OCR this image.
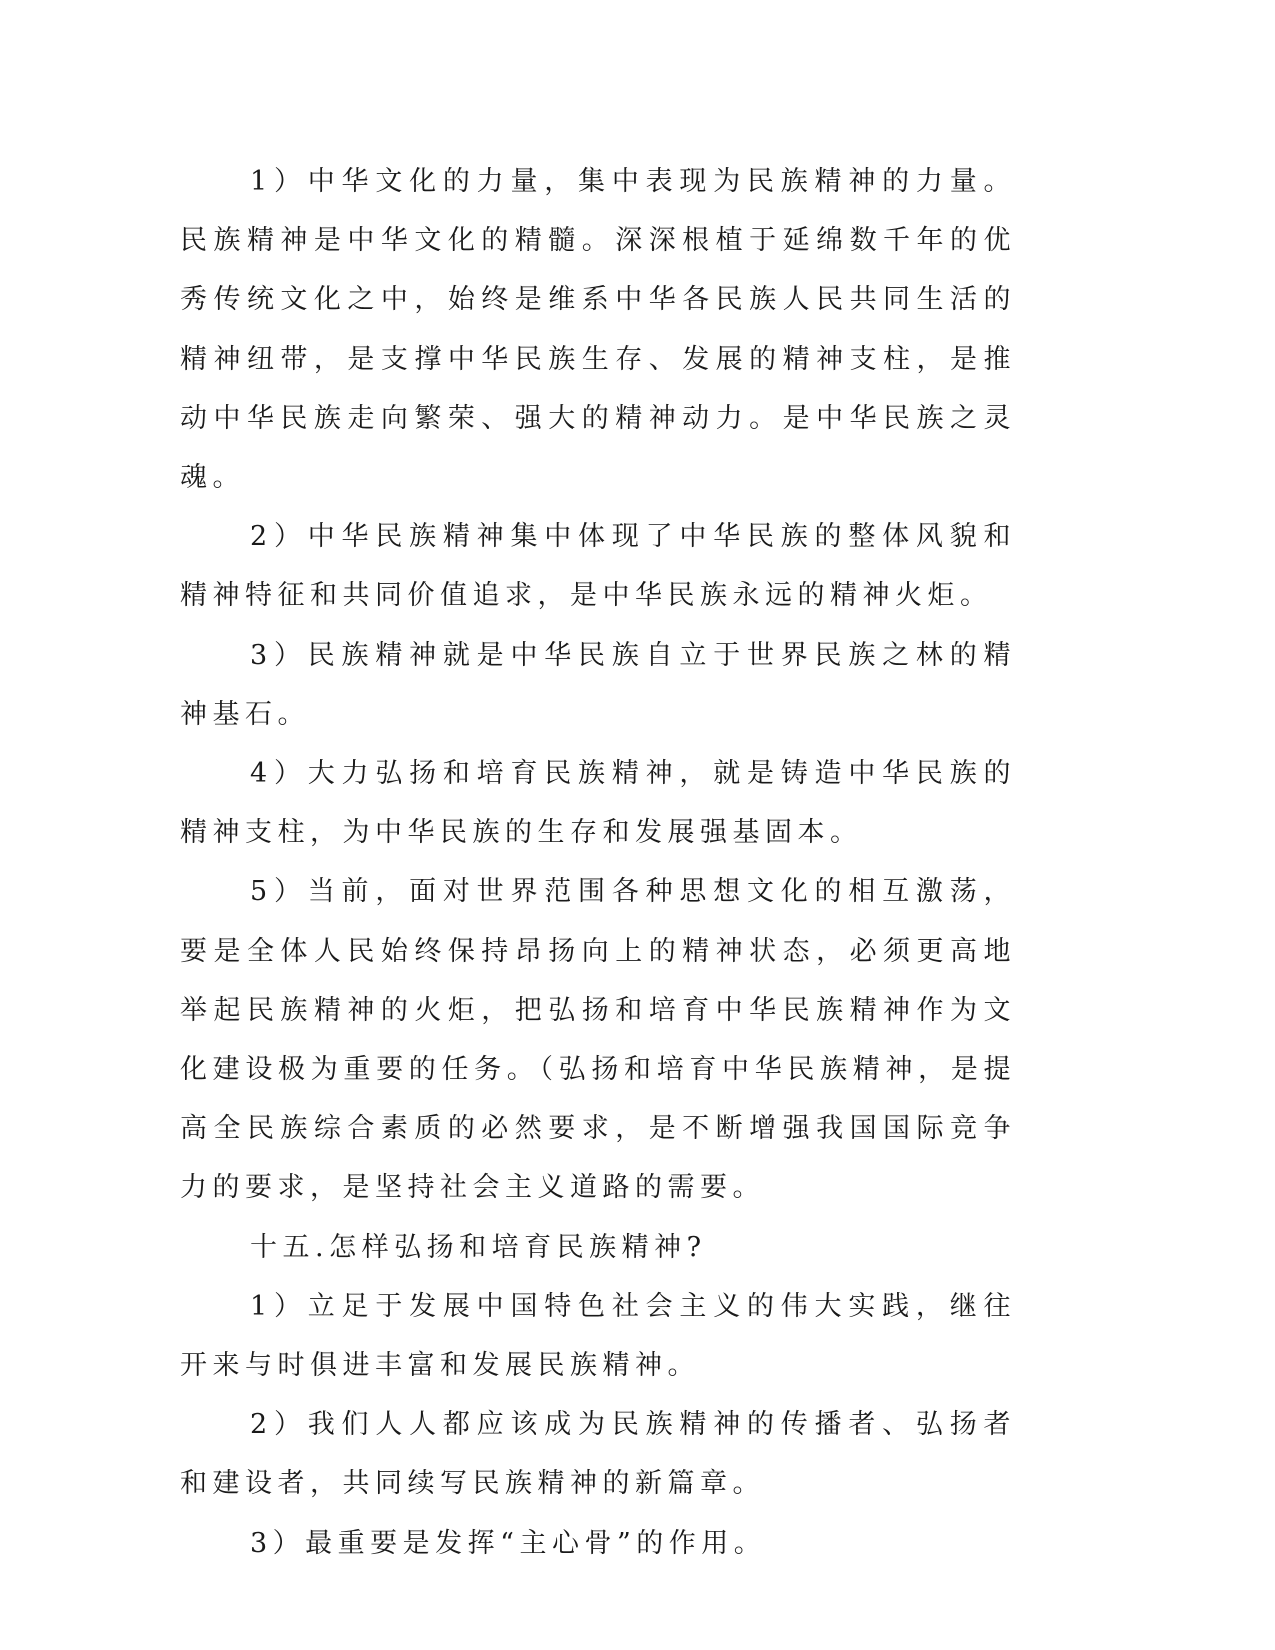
1）中华文化的力量，集中表现为民族精神的力量。民族精神是中华文化的精髓。深深根植于延绵数千年的优秀传统文化之中，始终是维系中华各民族人民共同生活的精神纽带，是支撑中华民族生存、发展的精神支柱，是推动中华民族走向繁荣、强大的精神动力。是中华民族之灵魂。

2）中华民族精神集中体现了中华民族的整体风貌和精神特征和共同价值追求，是中华民族永远的精神火炬。

3）民族精神就是中华民族自立于世界民族之林的精神基石。

4）大力弘扬和培育民族精神，就是铸造中华民族的精神支柱，为中华民族的生存和发展强基固本。

5）当前，面对世界范围各种思想文化的相互激荡，要是全体人民始终保持昂扬向上的精神状态，必须更高地举起民族精神的火炬，把弘扬和培育中华民族精神作为文化建设极为重要的任务。（弘扬和培育中华民族精神，是提高全民族综合素质的必然要求，是不断增强我国国际竞争力的要求，是坚持社会主义道路的需要。

十五.怎样弘扬和培育民族精神?

1）立足于发展中国特色社会主义的伟大实践，继往开来与时俱进丰富和发展民族精神。

2）我们人人都应该成为民族精神的传播者、弘扬者和建设者，共同续写民族精神的新篇章。

3）最重要是发挥“主心骨”的作用。
